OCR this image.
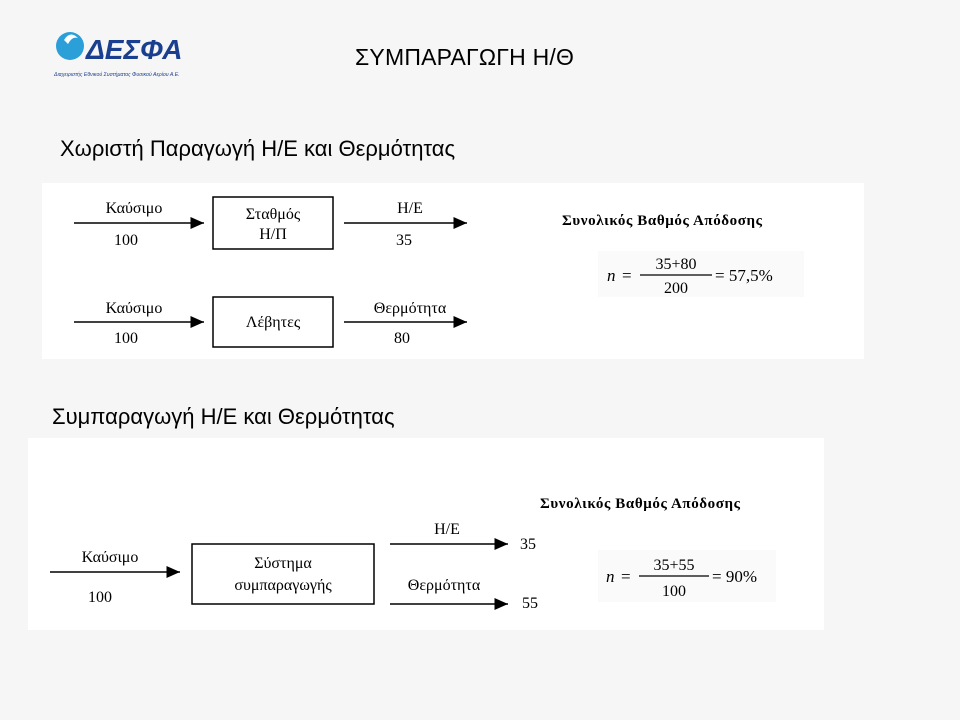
ΔΕΣΦΑ
Διαχειριστής Εθνικού Συστήματος Φυσικού Αερίου Α.Ε.
ΣΥΜΠΑΡΑΓΩΓΗ Η/Θ
Χωριστή Παραγωγή Η/Ε και Θερμότητας
Καύσιμο
100
Σταθμός
Η/Π
Η/Ε
35
Καύσιμο
100
Λέβητες
Θερμότητα
80
Συνολικός Βαθμός Απόδοσης
n =
35+80
200
= 57,5%
Συμπαραγωγή Η/Ε και Θερμότητας
Καύσιμο
100
Σύστημα
συμπαραγωγής
Η/Ε
35
Θερμότητα
55
Συνολικός Βαθμός Απόδοσης
n =
35+55
100
= 90%
